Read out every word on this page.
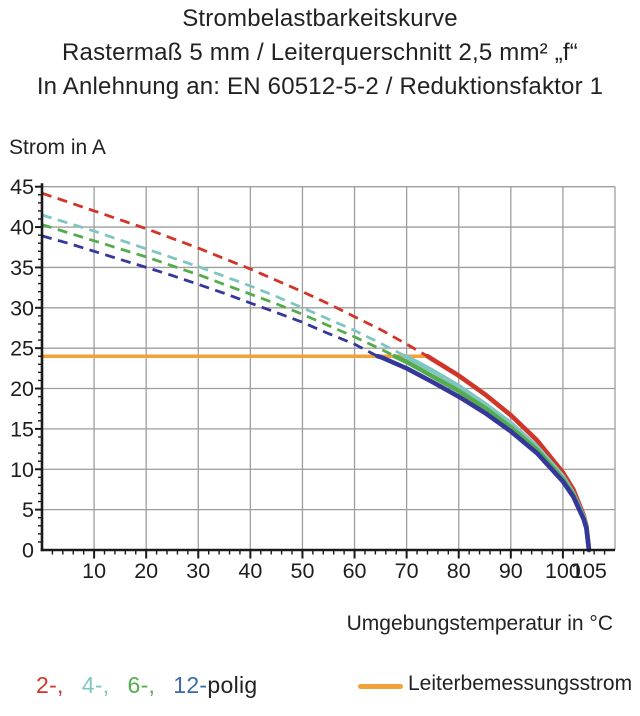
Strombelastbarkeitskurve
Rastermaß 5 mm / Leiterquerschnitt 2,5 mm² „f“
In Anlehnung an: EN 60512-5-2 / Reduktionsfaktor 1
Strom in A
10 20 30 40 50 60 70 80 90 100
105
0
5
10
15
20
25
30
35
40
45
Umgebungstemperatur in °C
2-, 4-, 6-, 12- polig	Leiterbemessungsstrom
